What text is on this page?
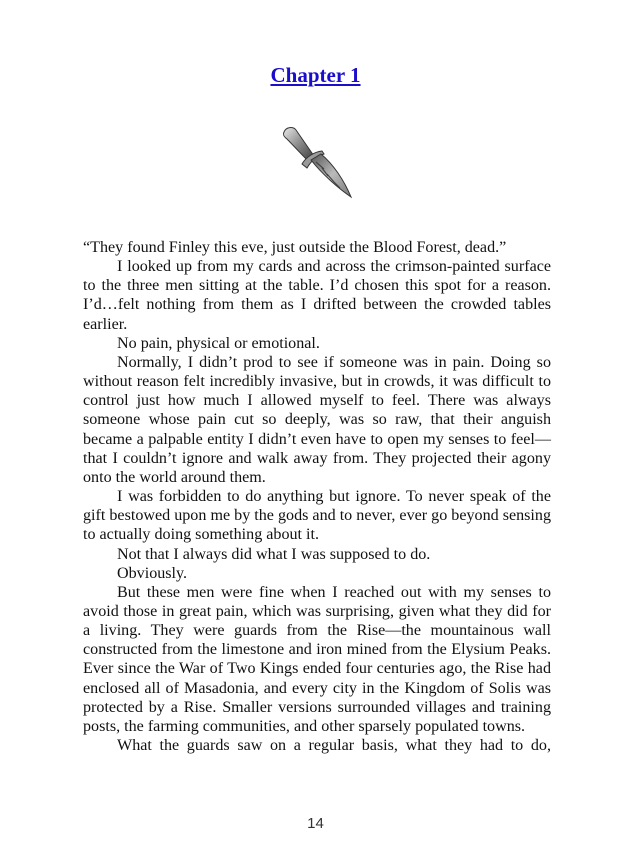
Chapter 1

“They found Finley this eve, just outside the Blood Forest, dead.”

I looked up from my cards and across the crimson-painted surface to the three men sitting at the table. I’d chosen this spot for a reason. I’d…felt nothing from them as I drifted between the crowded tables earlier.

No pain, physical or emotional.

Normally, I didn’t prod to see if someone was in pain. Doing so without reason felt incredibly invasive, but in crowds, it was difficult to control just how much I allowed myself to feel. There was always someone whose pain cut so deeply, was so raw, that their anguish became a palpable entity I didn’t even have to open my senses to feel—that I couldn’t ignore and walk away from. They projected their agony onto the world around them.

I was forbidden to do anything but ignore. To never speak of the gift bestowed upon me by the gods and to never, ever go beyond sensing to actually doing something about it.

Not that I always did what I was supposed to do.

Obviously.

But these men were fine when I reached out with my senses to avoid those in great pain, which was surprising, given what they did for a living. They were guards from the Rise—the mountainous wall constructed from the limestone and iron mined from the Elysium Peaks. Ever since the War of Two Kings ended four centuries ago, the Rise had enclosed all of Masadonia, and every city in the Kingdom of Solis was protected by a Rise. Smaller versions surrounded villages and training posts, the farming communities, and other sparsely populated towns.

What the guards saw on a regular basis, what they had to do,

14
